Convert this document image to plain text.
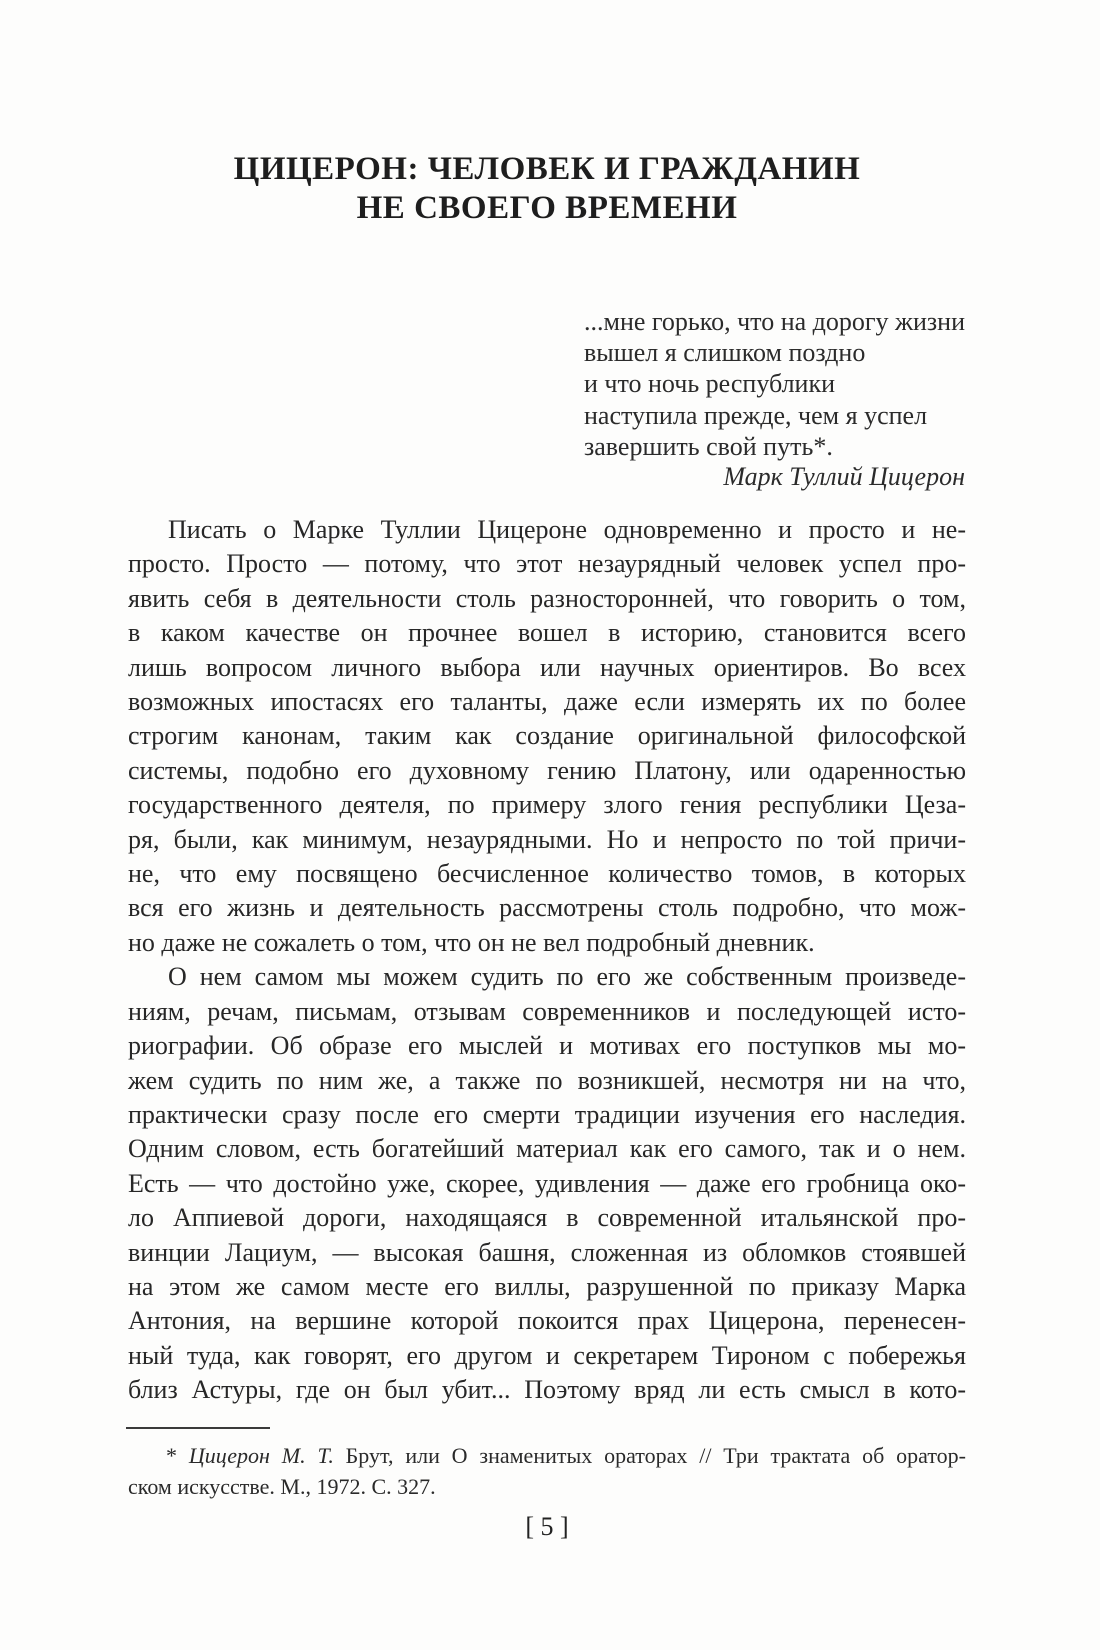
ЦИЦЕРОН: ЧЕЛОВЕК И ГРАЖДАНИН
НЕ СВОЕГО ВРЕМЕНИ
...мне горько, что на дорогу жизни
вышел я слишком поздно
и что ночь республики
наступила прежде, чем я успел
завершить свой путь*.
Марк Туллий Цицерон
Писать о Марке Туллии Цицероне одновременно и просто и не-
просто. Просто — потому, что этот незаурядный человек успел про-
явить себя в деятельности столь разносторонней, что говорить о том,
в каком качестве он прочнее вошел в историю, становится всего
лишь вопросом личного выбора или научных ориентиров. Во всех
возможных ипостасях его таланты, даже если измерять их по более
строгим канонам, таким как создание оригинальной философской
системы, подобно его духовному гению Платону, или одаренностью
государственного деятеля, по примеру злого гения республики Цеза-
ря, были, как минимум, незаурядными. Но и непросто по той причи-
не, что ему посвящено бесчисленное количество томов, в которых
вся его жизнь и деятельность рассмотрены столь подробно, что мож-
но даже не сожалеть о том, что он не вел подробный дневник.
О нем самом мы можем судить по его же собственным произведе-
ниям, речам, письмам, отзывам современников и последующей исто-
риографии. Об образе его мыслей и мотивах его поступков мы мо-
жем судить по ним же, а также по возникшей, несмотря ни на что,
практически сразу после его смерти традиции изучения его наследия.
Одним словом, есть богатейший материал как его самого, так и о нем.
Есть — что достойно уже, скорее, удивления — даже его гробница око-
ло Аппиевой дороги, находящаяся в современной итальянской про-
винции Лациум, — высокая башня, сложенная из обломков стоявшей
на этом же самом месте его виллы, разрушенной по приказу Марка
Антония, на вершине которой покоится прах Цицерона, перенесен-
ный туда, как говорят, его другом и секретарем Тироном с побережья
близ Астуры, где он был убит... Поэтому вряд ли есть смысл в кото-
* Цицерон М. Т. Брут, или О знаменитых ораторах // Три трактата об оратор-
ском искусстве. М., 1972. С. 327.
[ 5 ]
